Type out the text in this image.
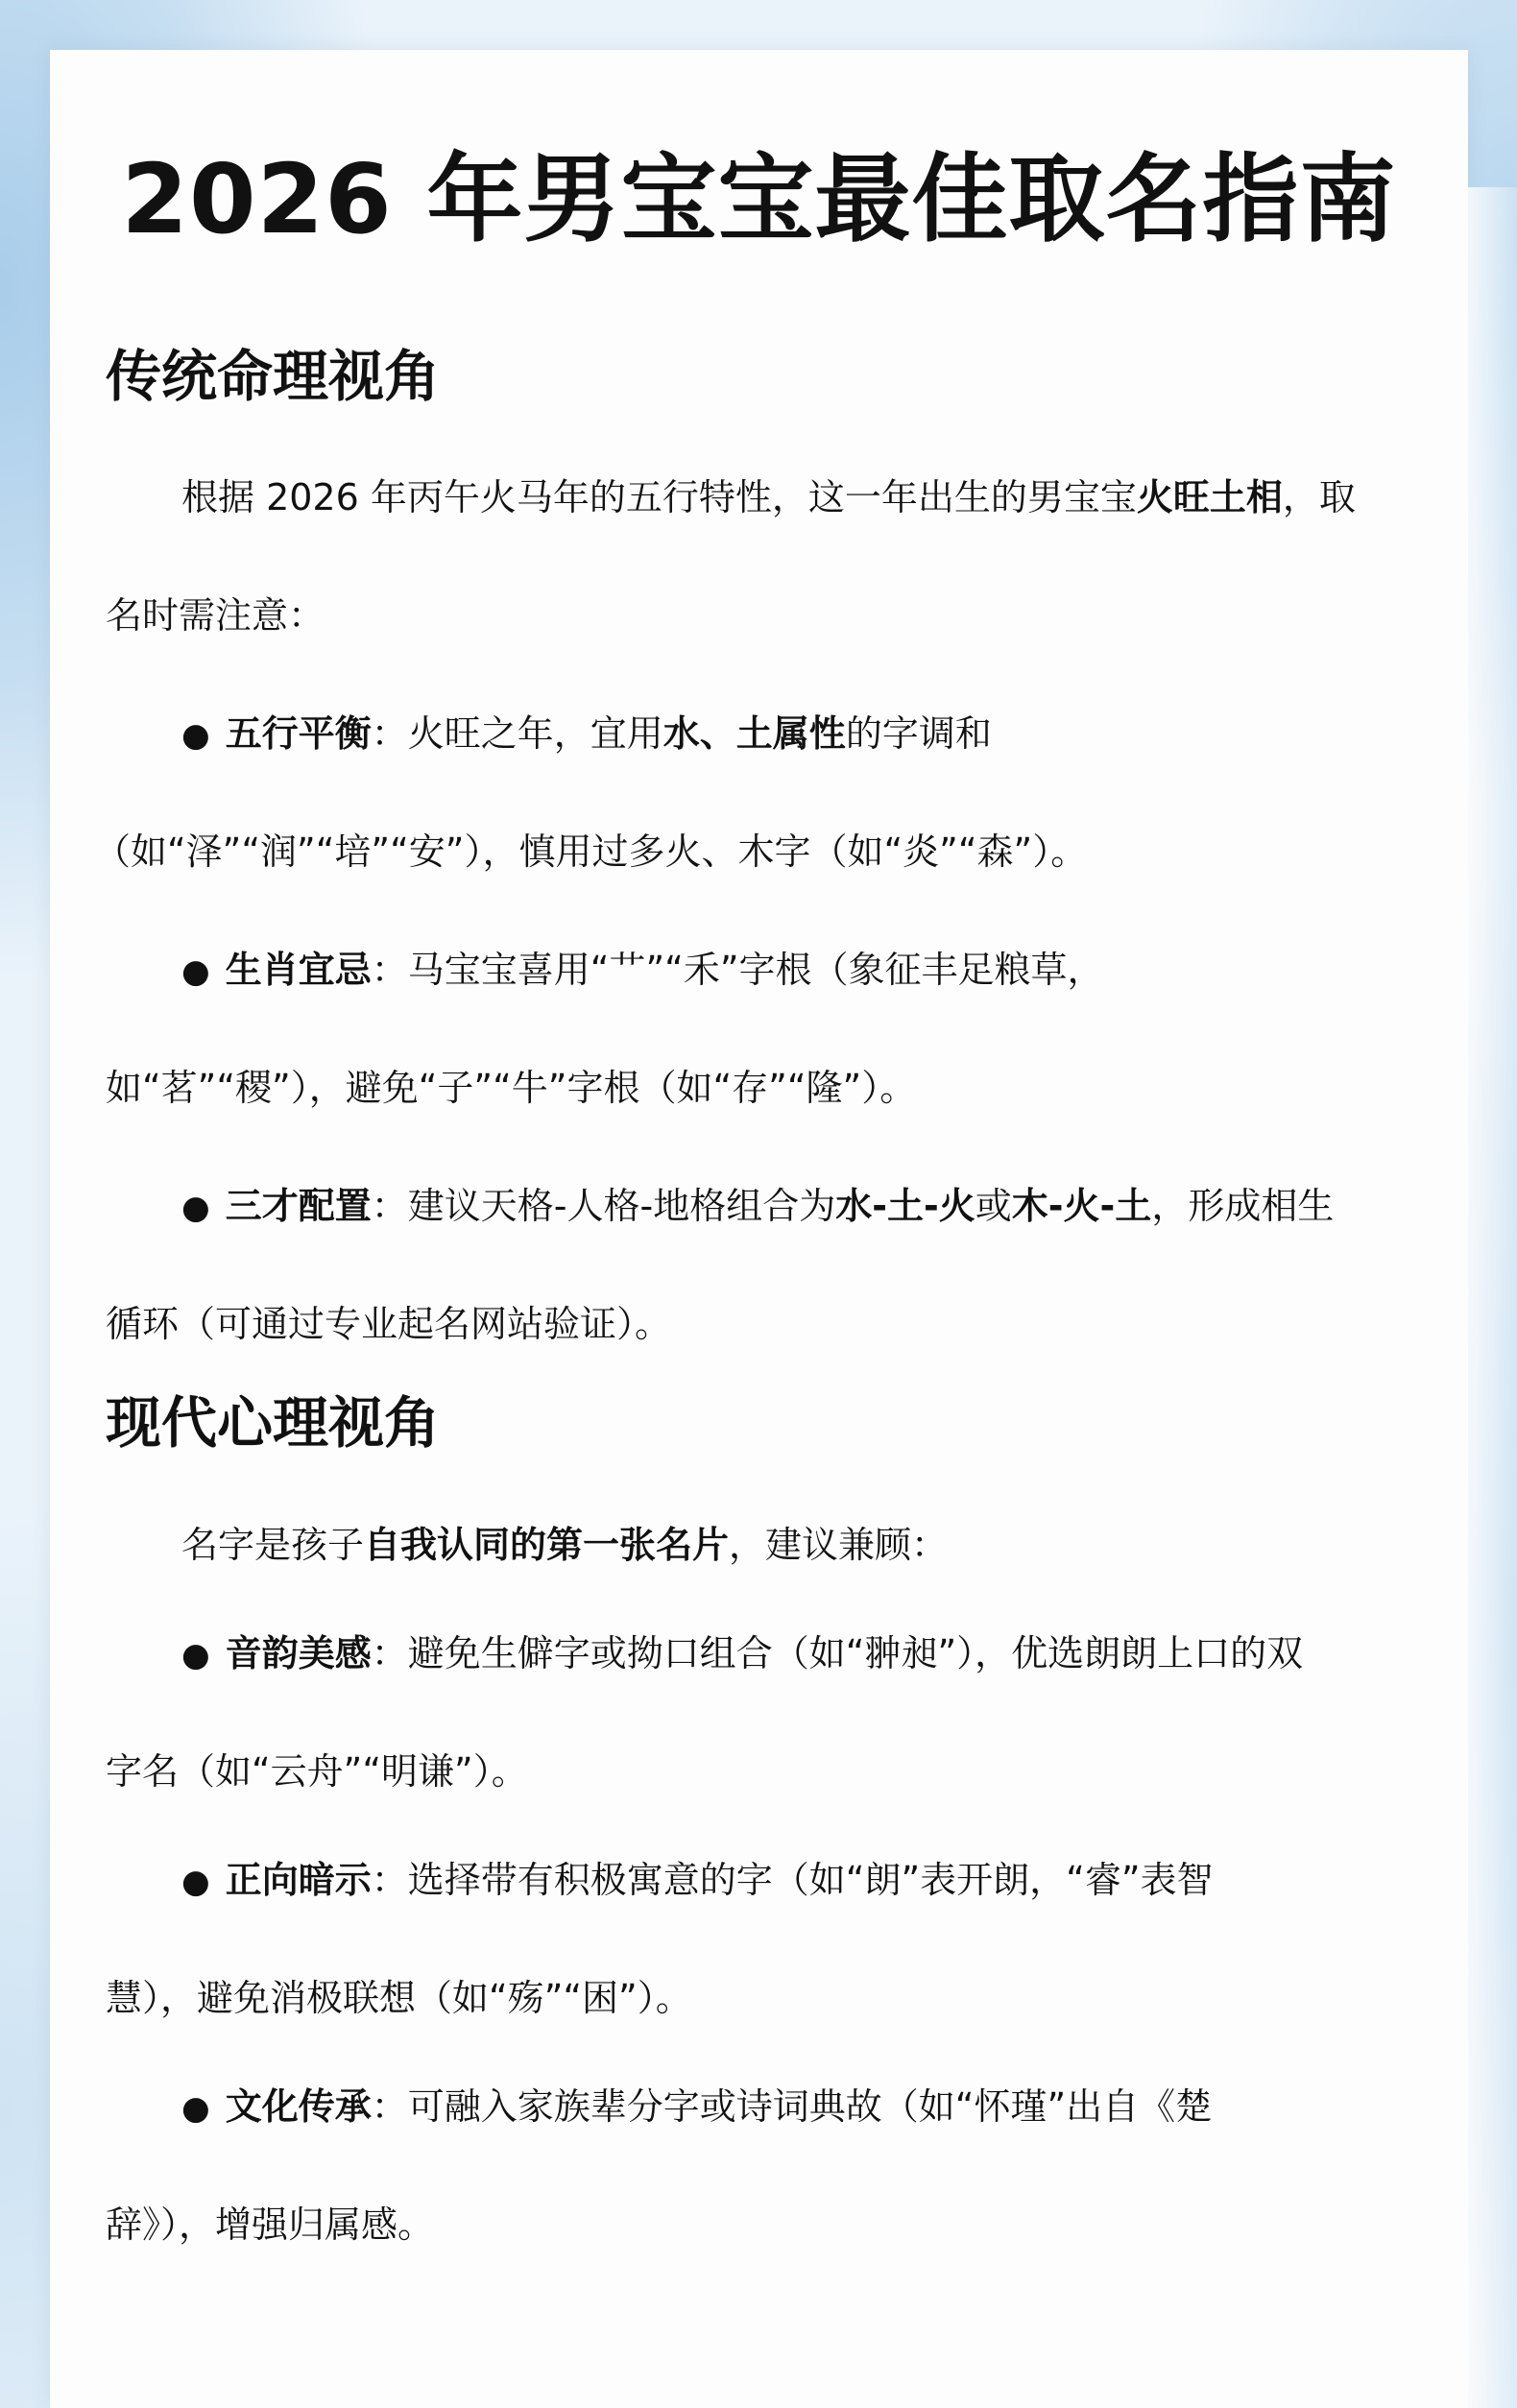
2026 年男宝宝最佳取名指南
传统命理视角
根据 2026 年丙午火马年的五行特性，这一年出生的男宝宝火旺土相，取
名时需注意：
● 五行平衡：火旺之年，宜用水、土属性的字调和
（如“泽”“润”“培”“安”），慎用过多火、木字（如“炎”“森”）。
● 生肖宜忌：马宝宝喜用“艹”“禾”字根（象征丰足粮草，
如“茗”“稷”），避免“子”“牛”字根（如“存”“隆”）。
● 三才配置：建议天格-人格-地格组合为水-土-火或木-火-土，形成相生
循环（可通过专业起名网站验证）。
现代心理视角
名字是孩子自我认同的第一张名片，建议兼顾：
● 音韵美感：避免生僻字或拗口组合（如“翀昶”），优选朗朗上口的双
字名（如“云舟”“明谦”）。
● 正向暗示：选择带有积极寓意的字（如“朗”表开朗，“睿”表智
慧），避免消极联想（如“殇”“困”）。
● 文化传承：可融入家族辈分字或诗词典故（如“怀瑾”出自《楚
辞》），增强归属感。
